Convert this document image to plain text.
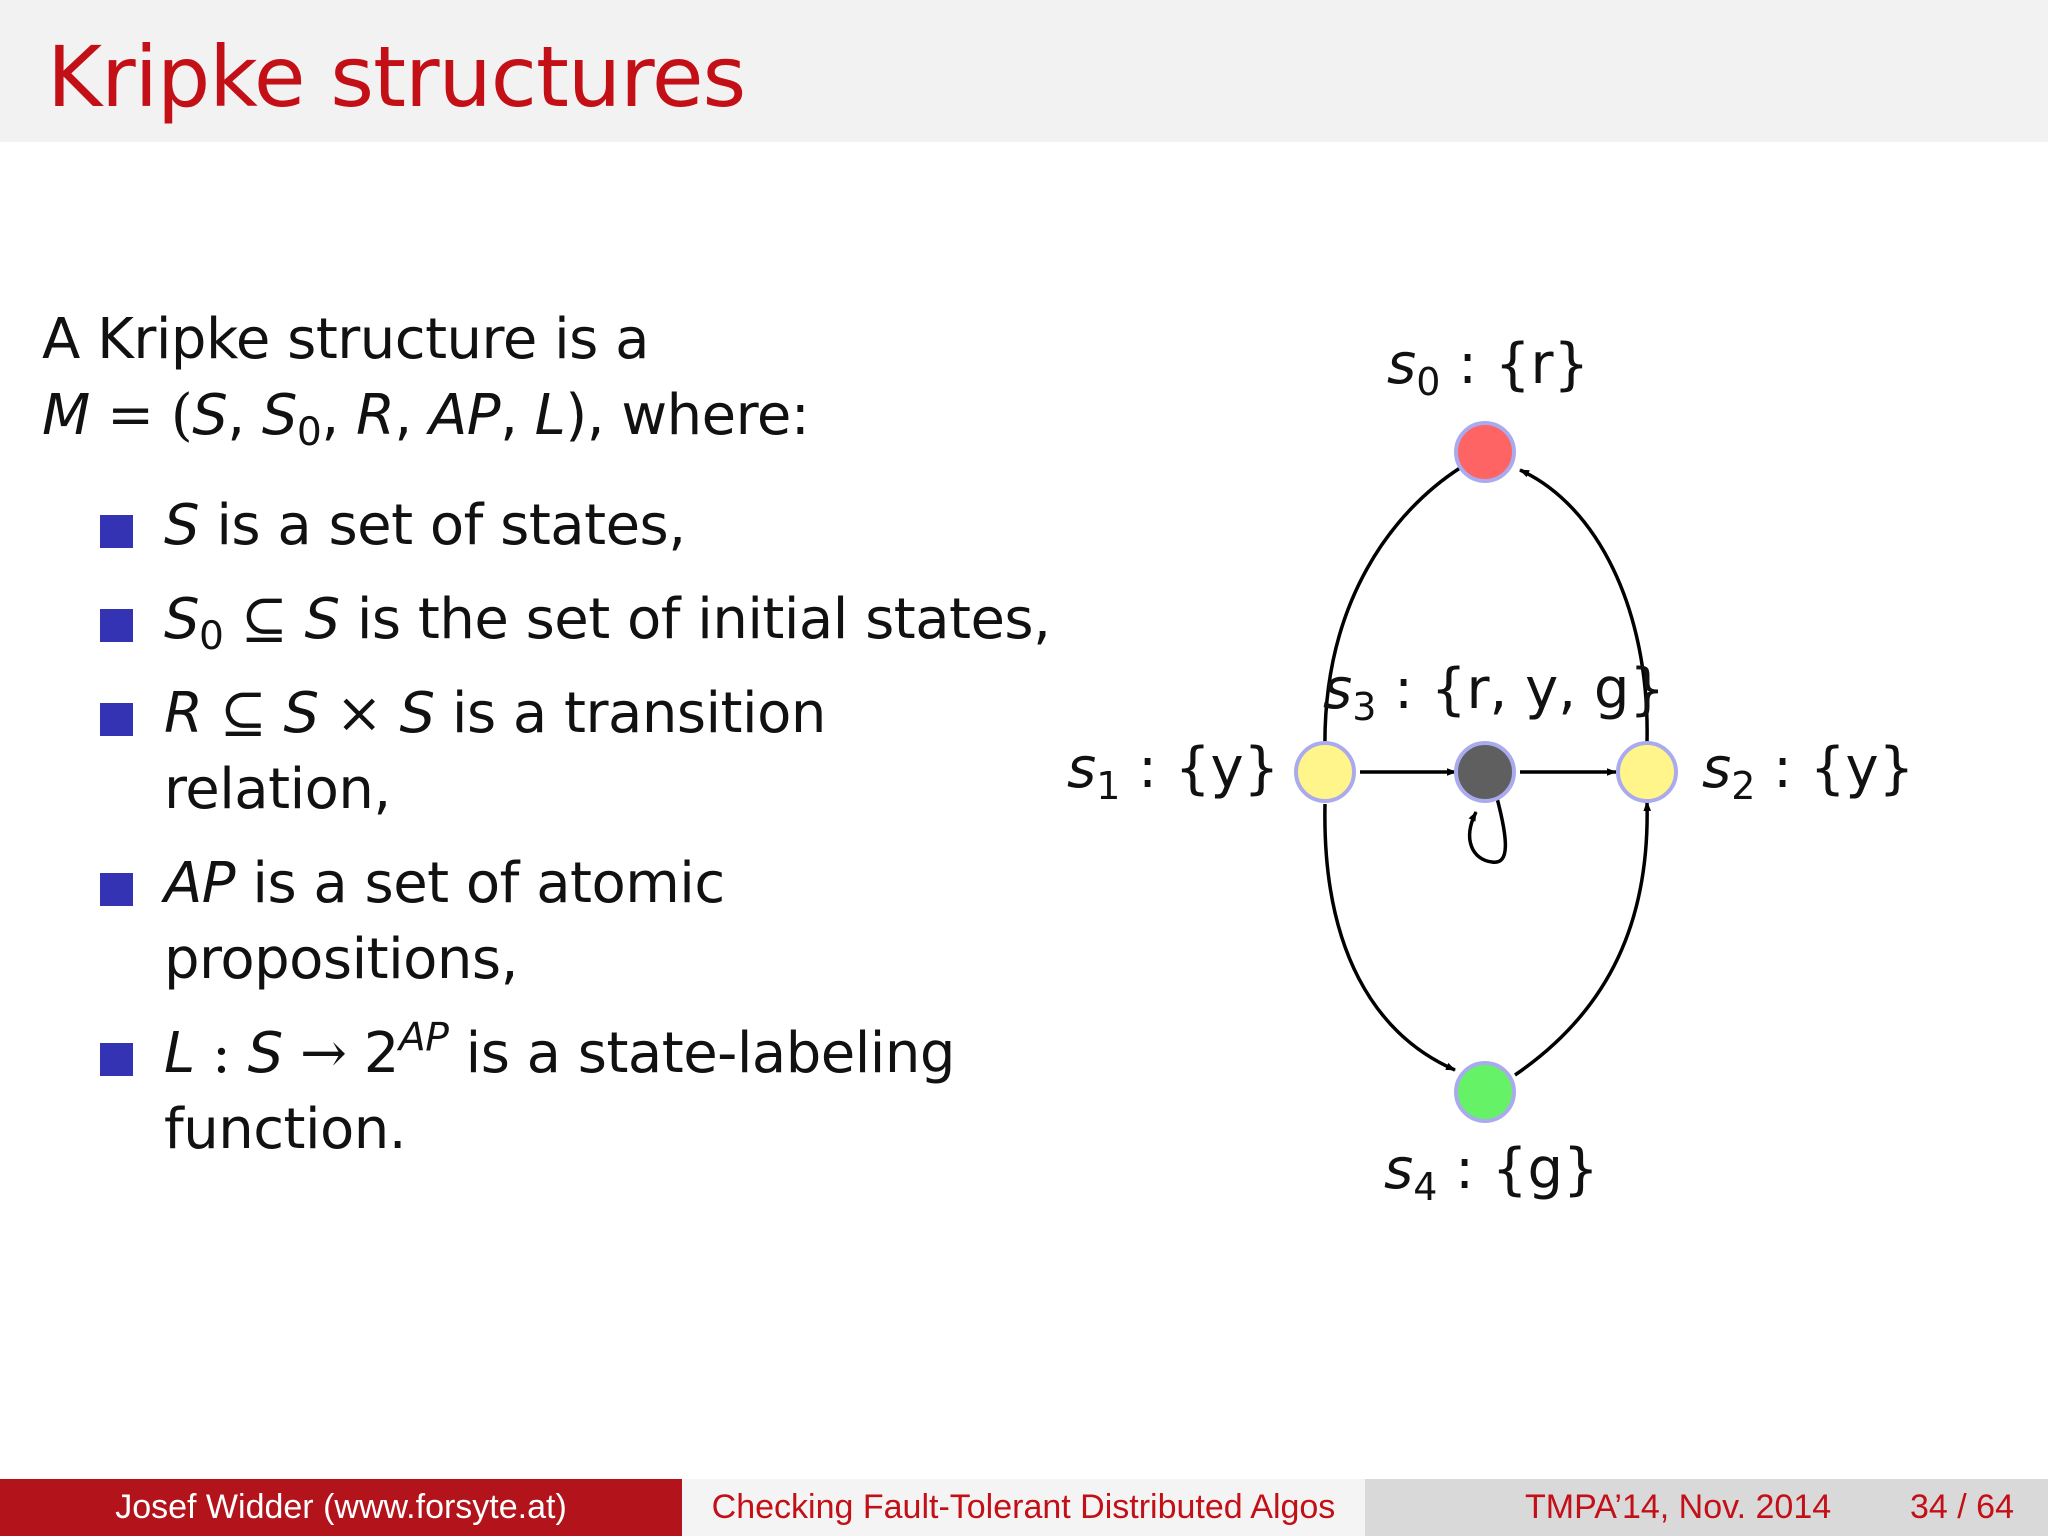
Kripke structures
A Kripke structure is a
M = (S, $S_0$, R, AP, L), where:
S is a set of states,
$S_0$ ⊆ S is the set of initial states,
R ⊆ S × S is a transition relation,
AP is a set of atomic propositions,
L : $S \to 2^{AP}$ is a state-labeling function.
$s_0$ : {r}
$s_1$ : {y}
$s_3$ : {r, y, g}
$s_2$ : {y}
$s_4$ : {g}
Josef Widder (www.forsyte.at)	Checking Fault-Tolerant Distributed Algos	TMPA’14, Nov. 2014 34 / 64
